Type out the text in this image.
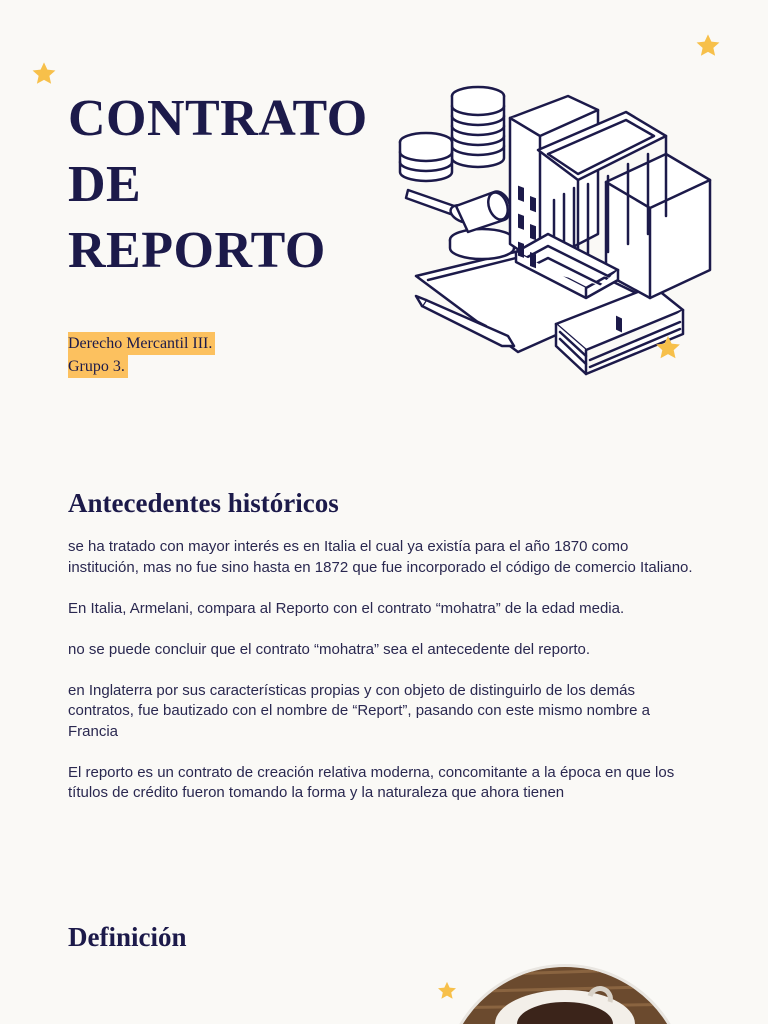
CONTRATO
DE
REPORTO
Derecho Mercantil III.
Grupo 3.
Antecedentes históricos

se ha tratado con mayor interés es en Italia el cual ya existía para el año 1870 como institución, mas no fue sino hasta en 1872 que fue incorporado el código de comercio Italiano.

En Italia, Armelani, compara al Reporto con el contrato “mohatra” de la edad media.

no se puede concluir que el contrato “mohatra” sea el antecedente del reporto.

en Inglaterra por sus características propias y con objeto de distinguirlo de los demás contratos, fue bautizado con el nombre de “Report”, pasando con este mismo nombre a Francia

El reporto es un contrato de creación relativa moderna, concomitante a la época en que los títulos de crédito fueron tomando la forma y la naturaleza que ahora tienen

Definición
